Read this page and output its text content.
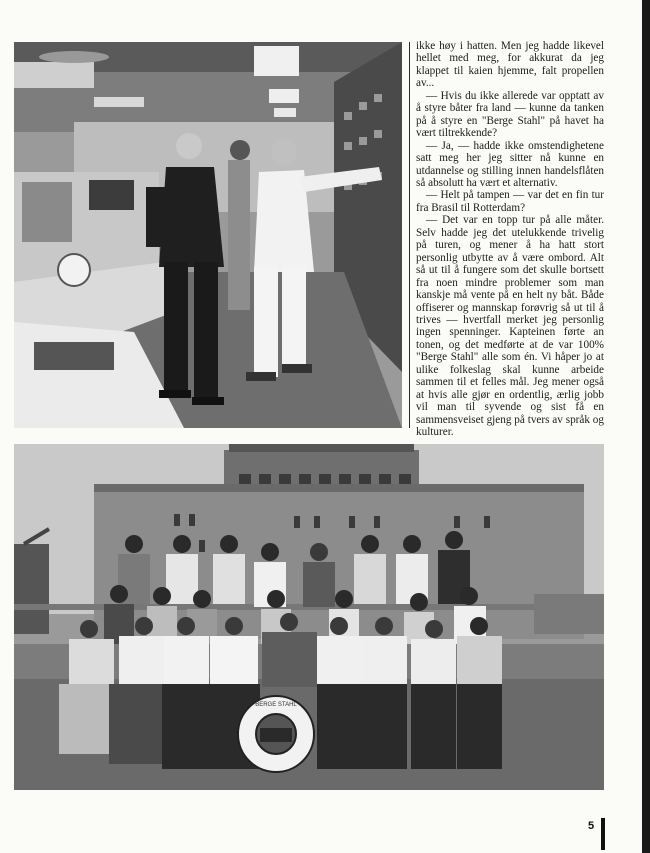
ikke høy i hatten. Men jeg hadde likevel hellet med meg, for akkurat da jeg klappet til kaien hjemme, falt propellen av...

— Hvis du ikke allerede var opptatt av å styre båter fra land — kunne da tanken på å styre en "Berge Stahl" på havet ha vært tiltrekkende?

— Ja, — hadde ikke omstendighetene satt meg her jeg sitter nå kunne en utdannelse og stilling innen handelsflåten så absolutt ha vært et alternativ.

— Helt på tampen — var det en fin tur fra Brasil til Rotterdam?

— Det var en topp tur på alle måter. Selv hadde jeg det utelukkende trivelig på turen, og mener å ha hatt stort personlig utbytte av å være ombord. Alt så ut til å fungere som det skulle bortsett fra noen mindre problemer som man kanskje må vente på en helt ny båt. Både offiserer og mannskap forøvrig så ut til å trives — hvertfall merket jeg personlig ingen spenninger. Kapteinen førte an tonen, og det medførte at de var 100% "Berge Stahl" alle som én. Vi håper jo at ulike folkeslag skal kunne arbeide sammen til et felles mål. Jeg mener også at hvis alle gjør en ordentlig, ærlig jobb vil man til syvende og sist få en sammensveiset gjeng på tvers av språk og kulturer.

BERGE STAHL
5
